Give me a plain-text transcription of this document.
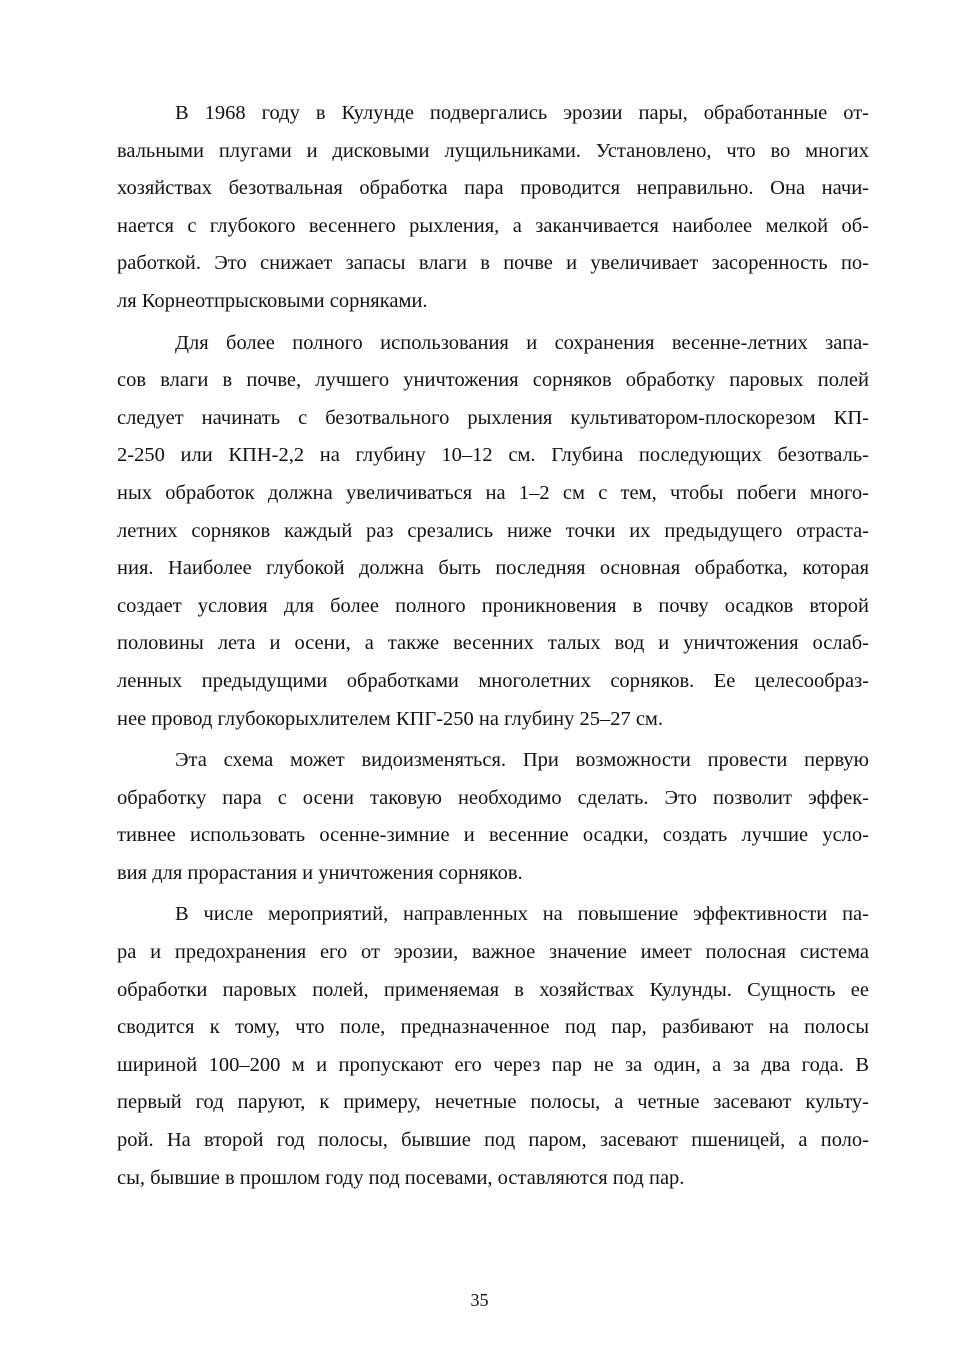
В 1968 году в Кулунде подвергались эрозии пары, обработанные от-
вальными плугами и дисковыми лущильниками. Установлено, что во многих
хозяйствах безотвальная обработка пара проводится неправильно. Она начи-
нается с глубокого весеннего рыхления, а заканчивается наиболее мелкой об-
работкой. Это снижает запасы влаги в почве и увеличивает засоренность по-
ля Корнеотпрысковыми сорняками.
Для более полного использования и сохранения весенне-летних запа-
сов влаги в почве, лучшего уничтожения сорняков обработку паровых полей
следует начинать с безотвального рыхления культиватором-плоскорезом КП-
2-250 или КПН-2,2 на глубину 10–12 см. Глубина последующих безотваль-
ных обработок должна увеличиваться на 1–2 см с тем, чтобы побеги много-
летних сорняков каждый раз срезались ниже точки их предыдущего отраста-
ния. Наиболее глубокой должна быть последняя основная обработка, которая
создает условия для более полного проникновения в почву осадков второй
половины лета и осени, а также весенних талых вод и уничтожения ослаб-
ленных предыдущими обработками многолетних сорняков. Ее целесообраз-
нее провод глубокорыхлителем КПГ-250 на глубину 25–27 см.
Эта схема может видоизменяться. При возможности провести первую
обработку пара с осени таковую необходимо сделать. Это позволит эффек-
тивнее использовать осенне-зимние и весенние осадки, создать лучшие усло-
вия для прорастания и уничтожения сорняков.
В числе мероприятий, направленных на повышение эффективности па-
ра и предохранения его от эрозии, важное значение имеет полосная система
обработки паровых полей, применяемая в хозяйствах Кулунды. Сущность ее
сводится к тому, что поле, предназначенное под пар, разбивают на полосы
шириной 100–200 м и пропускают его через пар не за один, а за два года. В
первый год паруют, к примеру, нечетные полосы, а четные засевают культу-
рой. На второй год полосы, бывшие под паром, засевают пшеницей, а поло-
сы, бывшие в прошлом году под посевами, оставляются под пар.
35
